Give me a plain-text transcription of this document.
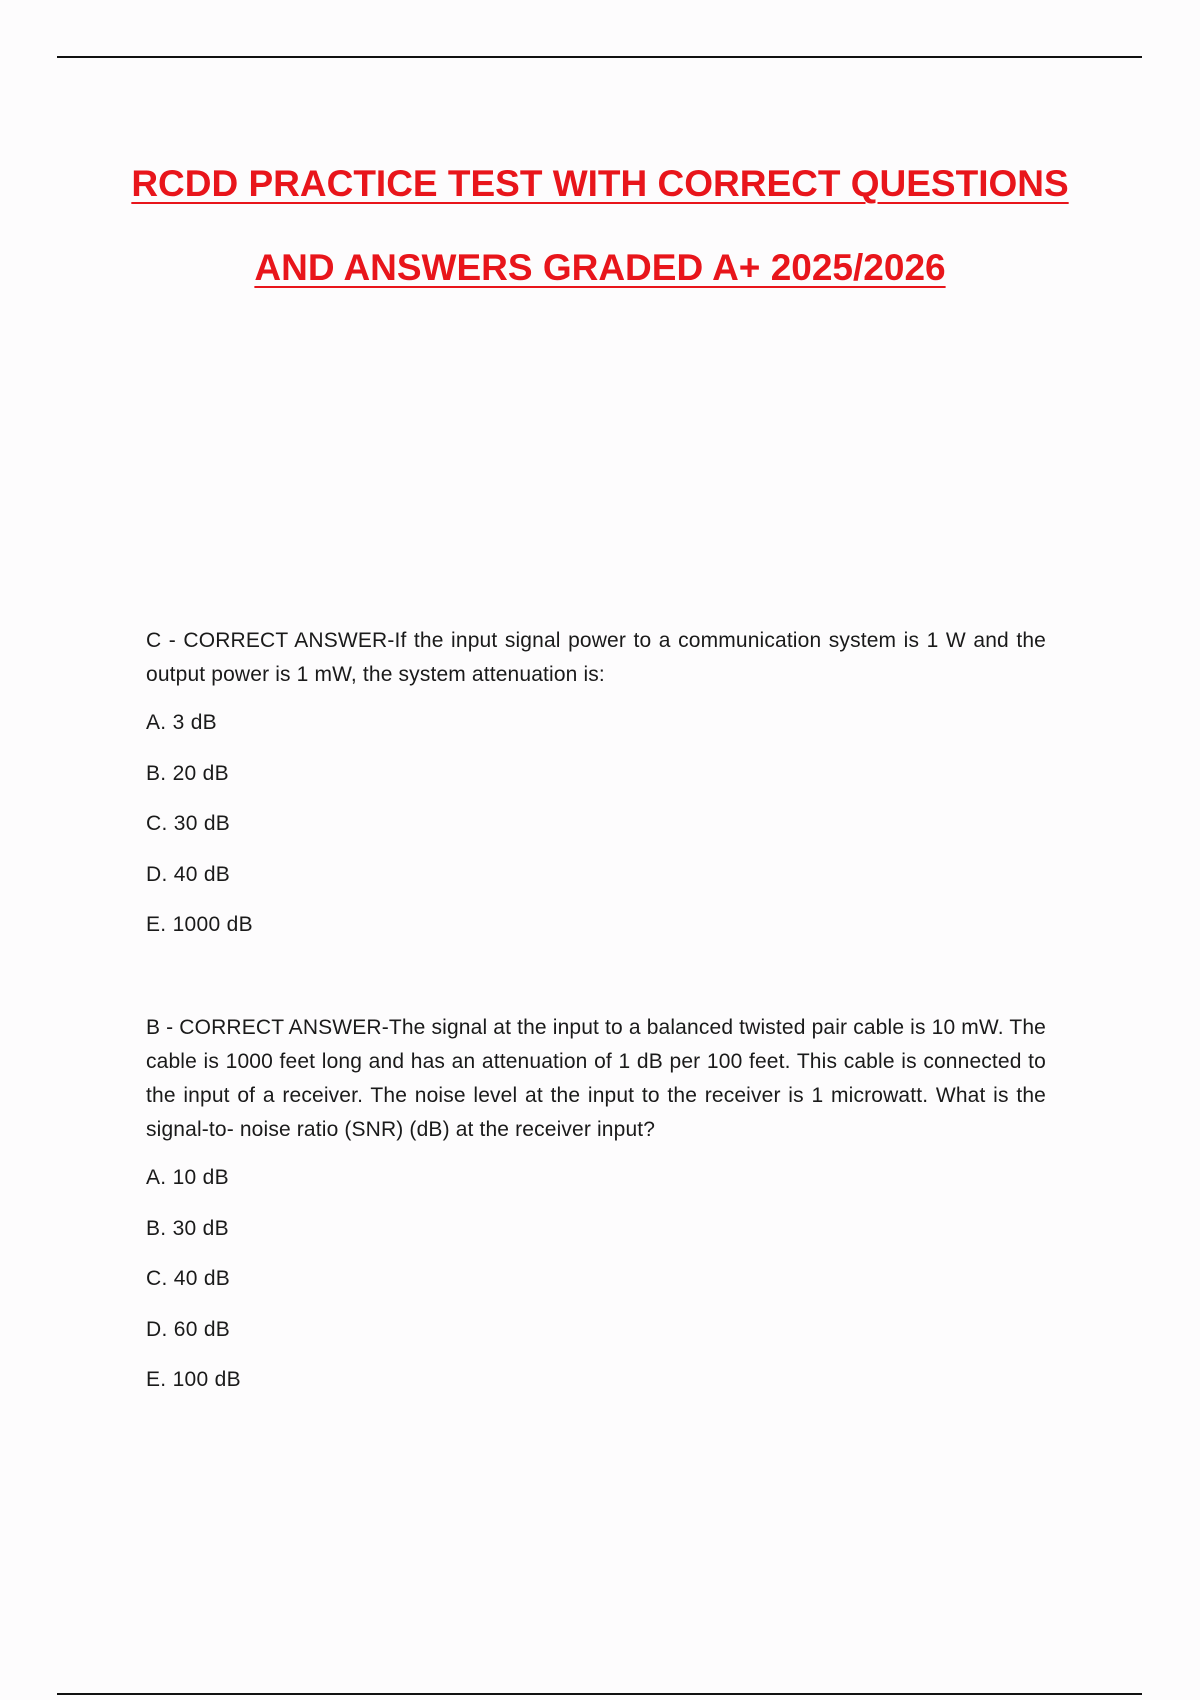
RCDD PRACTICE TEST WITH CORRECT QUESTIONS
AND ANSWERS GRADED A+ 2025/2026

C - CORRECT ANSWER-If the input signal power to a communication system is 1 W and the output power is 1 mW, the system attenuation is:

A. 3 dB
B. 20 dB
C. 30 dB
D. 40 dB
E. 1000 dB

B - CORRECT ANSWER-The signal at the input to a balanced twisted pair cable is 10 mW. The cable is 1000 feet long and has an attenuation of 1 dB per 100 feet. This cable is connected to the input of a receiver. The noise level at the input to the receiver is 1 microwatt. What is the signal-to- noise ratio (SNR) (dB) at the receiver input?

A. 10 dB
B. 30 dB
C. 40 dB
D. 60 dB
E. 100 dB
